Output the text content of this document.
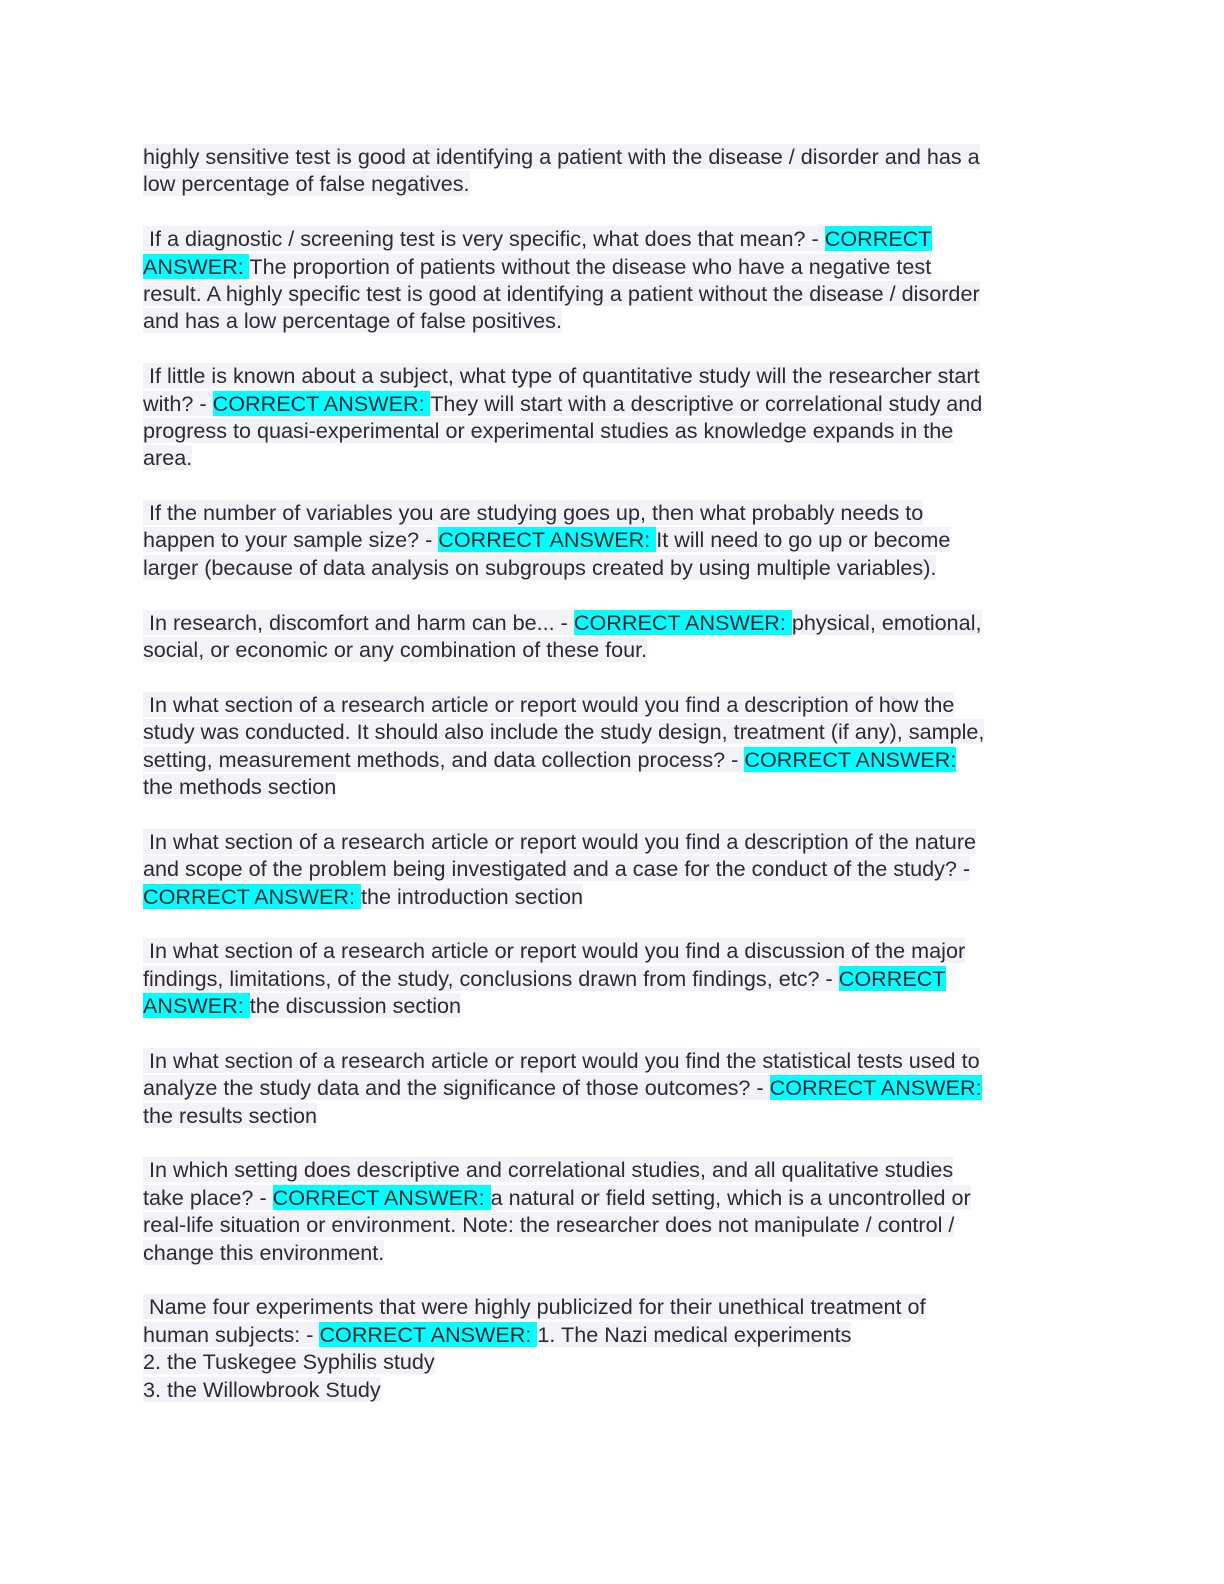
highly sensitive test is good at identifying a patient with the disease / disorder and has a
low percentage of false negatives.
If a diagnostic / screening test is very specific, what does that mean? - CORRECT
ANSWER: The proportion of patients without the disease who have a negative test
result. A highly specific test is good at identifying a patient without the disease / disorder
and has a low percentage of false positives.
If little is known about a subject, what type of quantitative study will the researcher start
with? - CORRECT ANSWER: They will start with a descriptive or correlational study and
progress to quasi-experimental or experimental studies as knowledge expands in the
area.
If the number of variables you are studying goes up, then what probably needs to
happen to your sample size? - CORRECT ANSWER: It will need to go up or become
larger (because of data analysis on subgroups created by using multiple variables).
In research, discomfort and harm can be... - CORRECT ANSWER: physical, emotional,
social, or economic or any combination of these four.
In what section of a research article or report would you find a description of how the
study was conducted. It should also include the study design, treatment (if any), sample,
setting, measurement methods, and data collection process? - CORRECT ANSWER:
the methods section
In what section of a research article or report would you find a description of the nature
and scope of the problem being investigated and a case for the conduct of the study? -
CORRECT ANSWER: the introduction section
In what section of a research article or report would you find a discussion of the major
findings, limitations, of the study, conclusions drawn from findings, etc? - CORRECT
ANSWER: the discussion section
In what section of a research article or report would you find the statistical tests used to
analyze the study data and the significance of those outcomes? - CORRECT ANSWER:
the results section
In which setting does descriptive and correlational studies, and all qualitative studies
take place? - CORRECT ANSWER: a natural or field setting, which is a uncontrolled or
real-life situation or environment. Note: the researcher does not manipulate / control /
change this environment.
Name four experiments that were highly publicized for their unethical treatment of
human subjects: - CORRECT ANSWER: 1. The Nazi medical experiments
2. the Tuskegee Syphilis study
3. the Willowbrook Study
